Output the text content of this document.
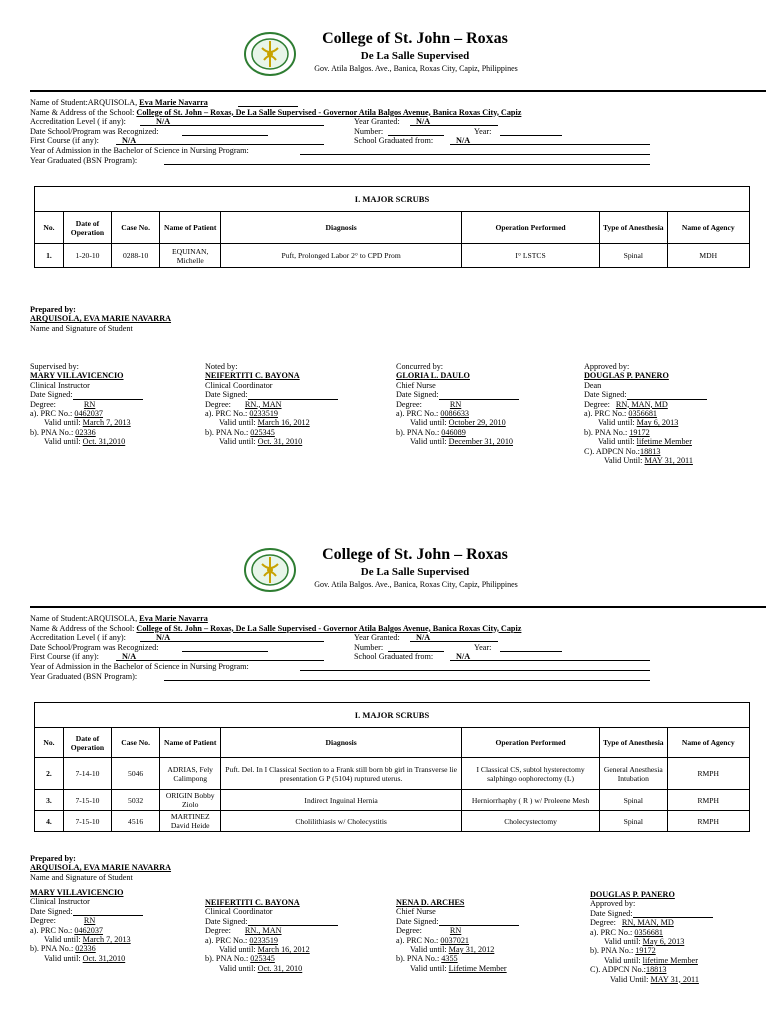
College of St. John – Roxas
De La Salle Supervised
Gov. Atila Balgos. Ave., Banica, Roxas City, Capiz, Philippines
Name of Student:ARQUISOLA, Eva Marie Navarra
Name & Address of the School: College of St. John – Roxas, De La Salle Supervised - Governor Atila Balgos Avenue, Banica Roxas City, Capiz
Accreditation Level ( if any):	N/A	Year Granted: N/A
Date School/Program was Recognized:	Number:	Year:
First Course (if any):	N/A	School Graduated from:	N/A
Year of Admission in the Bachelor of Science in Nursing Program:
Year Graduated (BSN Program):
I. MAJOR SCRUBS							
No.	Date of Operation	Case No.	Name of Patient	Diagnosis	Operation Performed	Type of Anesthesia	Name of Agency
1.	1-20-10	0288-10	EQUINAN, Michelle	Puft, Prolonged Labor 2° to CPD Prom	I° LSTCS	Spinal	MDH
Prepared by:
ARQUISOLA, EVA MARIE NAVARRA
Name and Signature of Student
Supervised by:
MARY VILLAVICENCIO
Clinical Instructor
Date Signed:
Degree:	RN
a). PRC No.: 0462037
Valid until: March 7, 2013
b). PNA No.: 02336
Valid until: Oct. 31,2010
Noted by:
NEIFERTITI C. BAYONA
Clinical Coordinator
Date Signed:
Degree: RN., MAN
a). PRC No.: 0233519
Valid until: March 16, 2012
b). PNA No.: 025345
Valid until: Oct. 31, 2010
Concurred by:
GLORIA L. DAULO
Chief Nurse
Date Signed:
Degree:	RN
a). PRC No.: 0086633
Valid until: October 29, 2010
b). PNA No.: 046089
Valid until: December 31, 2010
Approved by:
DOUGLAS P. PANERO
Dean
Date Signed:
Degree: RN, MAN, MD
a). PRC No.: 0356681
Valid until: May 6, 2013
b). PNA No.: 19172
Valid until: lifetime Member
C). ADPCN No.:18813
Valid Until: MAY 31, 2011
College of St. John – Roxas
De La Salle Supervised
Gov. Atila Balgos. Ave., Banica, Roxas City, Capiz, Philippines
Name of Student:ARQUISOLA, Eva Marie Navarra
Name & Address of the School: College of St. John – Roxas, De La Salle Supervised - Governor Atila Balgos Avenue, Banica Roxas City, Capiz
Accreditation Level ( if any):	N/A	Year Granted: N/A
Date School/Program was Recognized:	Number:	Year:
First Course (if any):	N/A	School Graduated from:	N/A
Year of Admission in the Bachelor of Science in Nursing Program:
Year Graduated (BSN Program):
I. MAJOR SCRUBS							
No.	Date of Operation	Case No.	Name of Patient	Diagnosis	Operation Performed	Type of Anesthesia	Name of Agency
2.	7-14-10	5046	ADRIAS, Fely Calimpong	Puft. Del. In I Classical Section to a Frank still born bb girl in Transverse lie presentation G P (5104) ruptured uterus.	I Classical CS, subtol hysterectomy salphingo oophorectomy (L)	General Anesthesia Intubation	RMPH
3.	7-15-10	5032	ORIGIN Bobby Ziolo	Indirect Inguinal Hernia	Herniorrhaphy ( R ) w/ Proleene Mesh	Spinal	RMPH
4.	7-15-10	4516	MARTINEZ David Heide	Cholilithiasis w/ Cholecystitis	Cholecystectomy	Spinal	RMPH
Prepared by:
ARQUISOLA, EVA MARIE NAVARRA
Name and Signature of Student
MARY VILLAVICENCIO
Clinical Instructor
Date Signed:
Degree:	RN
a). PRC No.: 0462037
Valid until: March 7, 2013
b). PNA No.: 02336
Valid until: Oct. 31,2010
NEIFERTITI C. BAYONA
Clinical Coordinator
Date Signed:
Degree: RN., MAN
a). PRC No.: 0233519
Valid until: March 16, 2012
b). PNA No.: 025345
Valid until: Oct. 31, 2010
NENA D. ARCHES
Chief Nurse
Date Signed:
Degree:	RN
a). PRC No.: 0037021
Valid until: May 31, 2012
b). PNA No.: 4355
Valid until: Lifetime Member
DOUGLAS P. PANERO
Approved by:
Date Signed:
Degree: RN, MAN, MD
a). PRC No.: 0356681
Valid until: May 6, 2013
b). PNA No.: 19172
Valid until: lifetime Member
C). ADPCN No.:18813
Valid Until: MAY 31, 2011
